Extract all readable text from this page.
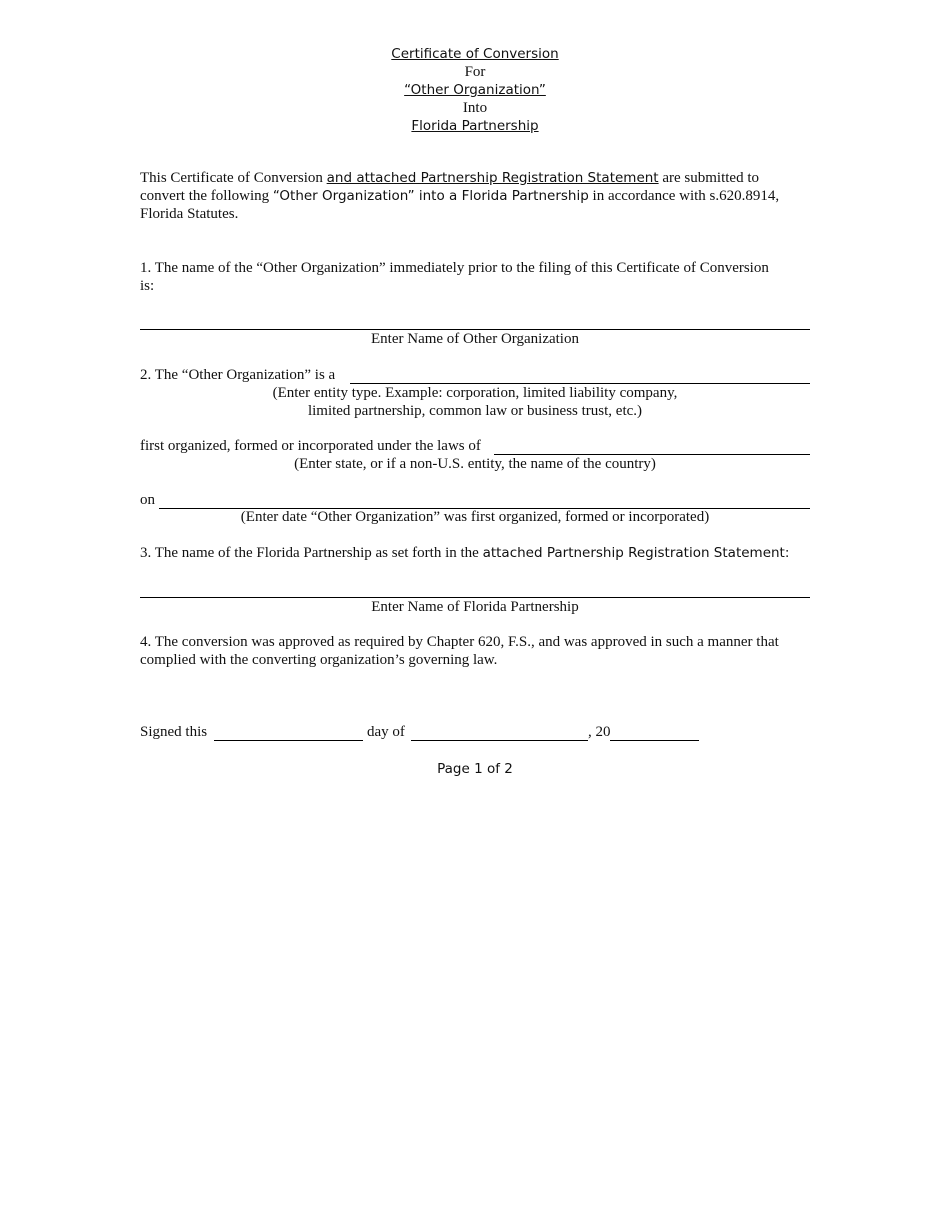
Certificate of Conversion
For
“Other Organization”
Into
Florida Partnership
This Certificate of Conversion and attached Partnership Registration Statement are submitted to
convert the following “Other Organization” into a Florida Partnership in accordance with s.620.8914,
Florida Statutes.
1. The name of the “Other Organization” immediately prior to the filing of this Certificate of Conversion
is:
Enter Name of Other Organization
2. The “Other Organization” is a
(Enter entity type. Example: corporation, limited liability company,
limited partnership, common law or business trust, etc.)
first organized, formed or incorporated under the laws of
(Enter state, or if a non-U.S. entity, the name of the country)
on
(Enter date “Other Organization” was first organized, formed or incorporated)
3. The name of the Florida Partnership as set forth in the attached Partnership Registration Statement:
Enter Name of Florida Partnership
4. The conversion was approved as required by Chapter 620, F.S., and was approved in such a manner that
complied with the converting organization’s governing law.
Signed this	day of	, 20
Page 1 of 2
